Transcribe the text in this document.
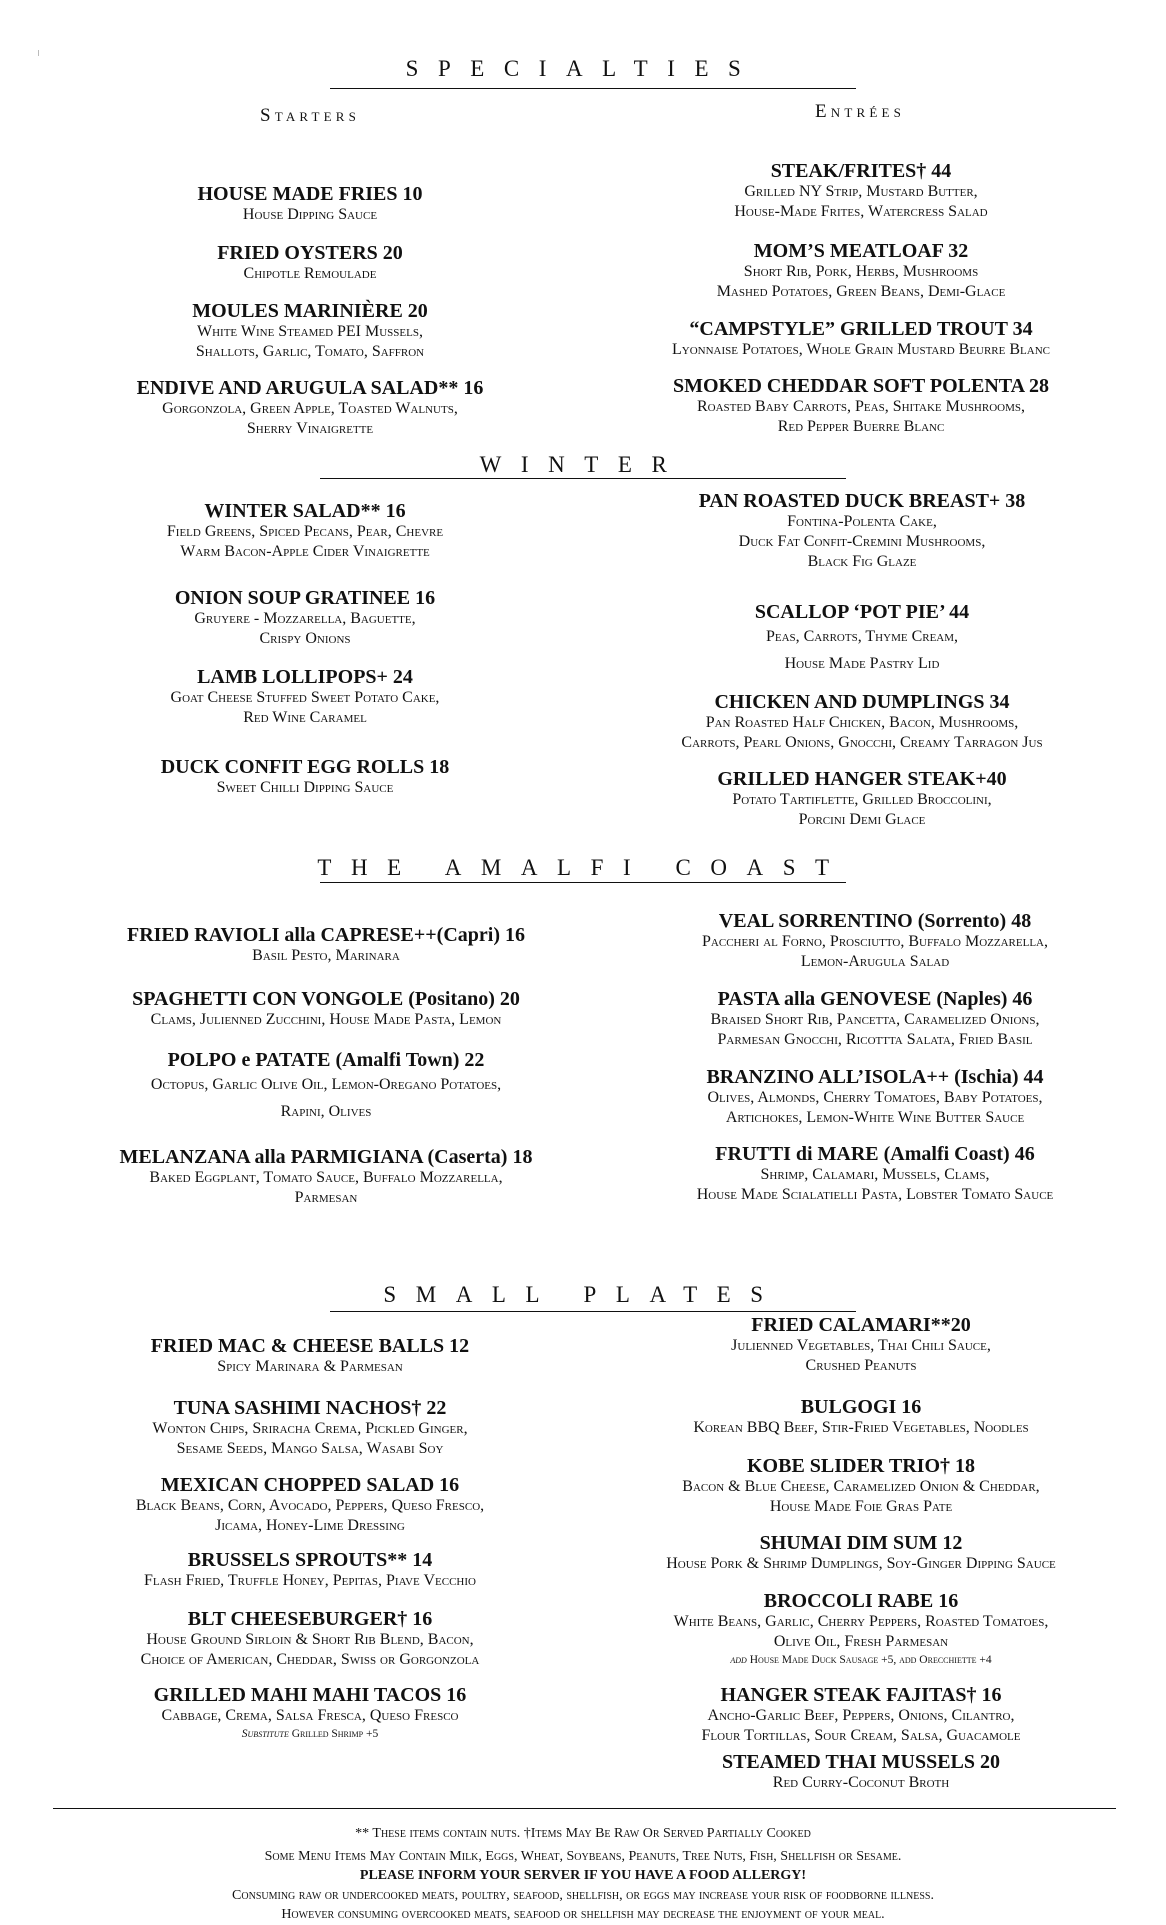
SPECIALTIES
Starters	Entrées
HOUSE MADE FRIES 10
House Dipping Sauce
FRIED OYSTERS 20
Chipotle Remoulade
MOULES MARINIÈRE 20
White Wine Steamed PEI Mussels,
Shallots, Garlic, Tomato, Saffron
ENDIVE AND ARUGULA SALAD** 16
Gorgonzola, Green Apple, Toasted Walnuts,
Sherry Vinaigrette
STEAK/FRITES† 44
Grilled NY Strip, Mustard Butter,
House-Made Frites, Watercress Salad
MOM’S MEATLOAF 32
Short Rib, Pork, Herbs, Mushrooms
Mashed Potatoes, Green Beans, Demi-Glace
“CAMPSTYLE” GRILLED TROUT 34
Lyonnaise Potatoes, Whole Grain Mustard Beurre Blanc
SMOKED CHEDDAR SOFT POLENTA 28
Roasted Baby Carrots, Peas, Shitake Mushrooms,
Red Pepper Buerre Blanc
WINTER
WINTER SALAD** 16
Field Greens, Spiced Pecans, Pear, Chevre
Warm Bacon-Apple Cider Vinaigrette
ONION SOUP GRATINEE 16
Gruyere - Mozzarella, Baguette,
Crispy Onions
LAMB LOLLIPOPS+ 24
Goat Cheese Stuffed Sweet Potato Cake,
Red Wine Caramel
DUCK CONFIT EGG ROLLS 18
Sweet Chilli Dipping Sauce
PAN ROASTED DUCK BREAST+ 38
Fontina-Polenta Cake,
Duck Fat Confit-Cremini Mushrooms,
Black Fig Glaze
SCALLOP ‘POT PIE’ 44
Peas, Carrots, Thyme Cream,
House Made Pastry Lid
CHICKEN AND DUMPLINGS 34
Pan Roasted Half Chicken, Bacon, Mushrooms,
Carrots, Pearl Onions, Gnocchi, Creamy Tarragon Jus
GRILLED HANGER STEAK+40
Potato Tartiflette, Grilled Broccolini,
Porcini Demi Glace
THE AMALFI COAST
FRIED RAVIOLI alla CAPRESE++(Capri) 16
Basil Pesto, Marinara
SPAGHETTI CON VONGOLE (Positano) 20
Clams, Julienned Zucchini, House Made Pasta, Lemon
POLPO e PATATE (Amalfi Town) 22
Octopus, Garlic Olive Oil, Lemon-Oregano Potatoes,
Rapini, Olives
MELANZANA alla PARMIGIANA (Caserta) 18
Baked Eggplant, Tomato Sauce, Buffalo Mozzarella,
Parmesan
VEAL SORRENTINO (Sorrento) 48
Paccheri al Forno, Prosciutto, Buffalo Mozzarella,
Lemon-Arugula Salad
PASTA alla GENOVESE (Naples) 46
Braised Short Rib, Pancetta, Caramelized Onions,
Parmesan Gnocchi, Ricottta Salata, Fried Basil
BRANZINO ALL’ISOLA++ (Ischia) 44
Olives, Almonds, Cherry Tomatoes, Baby Potatoes,
Artichokes, Lemon-White Wine Butter Sauce
FRUTTI di MARE (Amalfi Coast) 46
Shrimp, Calamari, Mussels, Clams,
House Made Scialatielli Pasta, Lobster Tomato Sauce
SMALL PLATES
FRIED MAC & CHEESE BALLS 12
Spicy Marinara & Parmesan
TUNA SASHIMI NACHOS† 22
Wonton Chips, Sriracha Crema, Pickled Ginger,
Sesame Seeds, Mango Salsa, Wasabi Soy
MEXICAN CHOPPED SALAD 16
Black Beans, Corn, Avocado, Peppers, Queso Fresco,
Jicama, Honey-Lime Dressing
BRUSSELS SPROUTS** 14
Flash Fried, Truffle Honey, Pepitas, Piave Vecchio
BLT CHEESEBURGER† 16
House Ground Sirloin & Short Rib Blend, Bacon,
Choice of American, Cheddar, Swiss or Gorgonzola
GRILLED MAHI MAHI TACOS 16
Cabbage, Crema, Salsa Fresca, Queso Fresco
Substitute Grilled Shrimp +5
FRIED CALAMARI**20
Julienned Vegetables, Thai Chili Sauce,
Crushed Peanuts
BULGOGI 16
Korean BBQ Beef, Stir-Fried Vegetables, Noodles
KOBE SLIDER TRIO† 18
Bacon & Blue Cheese, Caramelized Onion & Cheddar,
House Made Foie Gras Pate
SHUMAI DIM SUM 12
House Pork & Shrimp Dumplings, Soy-Ginger Dipping Sauce
BROCCOLI RABE 16
White Beans, Garlic, Cherry Peppers, Roasted Tomatoes,
Olive Oil, Fresh Parmesan
add House Made Duck Sausage +5, add Orecchiette +4
HANGER STEAK FAJITAS† 16
Ancho-Garlic Beef, Peppers, Onions, Cilantro,
Flour Tortillas, Sour Cream, Salsa, Guacamole
STEAMED THAI MUSSELS 20
Red Curry-Coconut Broth
** These items contain nuts. †Items May Be Raw Or Served Partially Cooked
Some Menu Items May Contain Milk, Eggs, Wheat, Soybeans, Peanuts, Tree Nuts, Fish, Shellfish or Sesame.
PLEASE INFORM YOUR SERVER IF YOU HAVE A FOOD ALLERGY!
Consuming raw or undercooked meats, poultry, seafood, shellfish, or eggs may increase your risk of foodborne illness.
However consuming overcooked meats, seafood or shellfish may decrease the enjoyment of your meal.
